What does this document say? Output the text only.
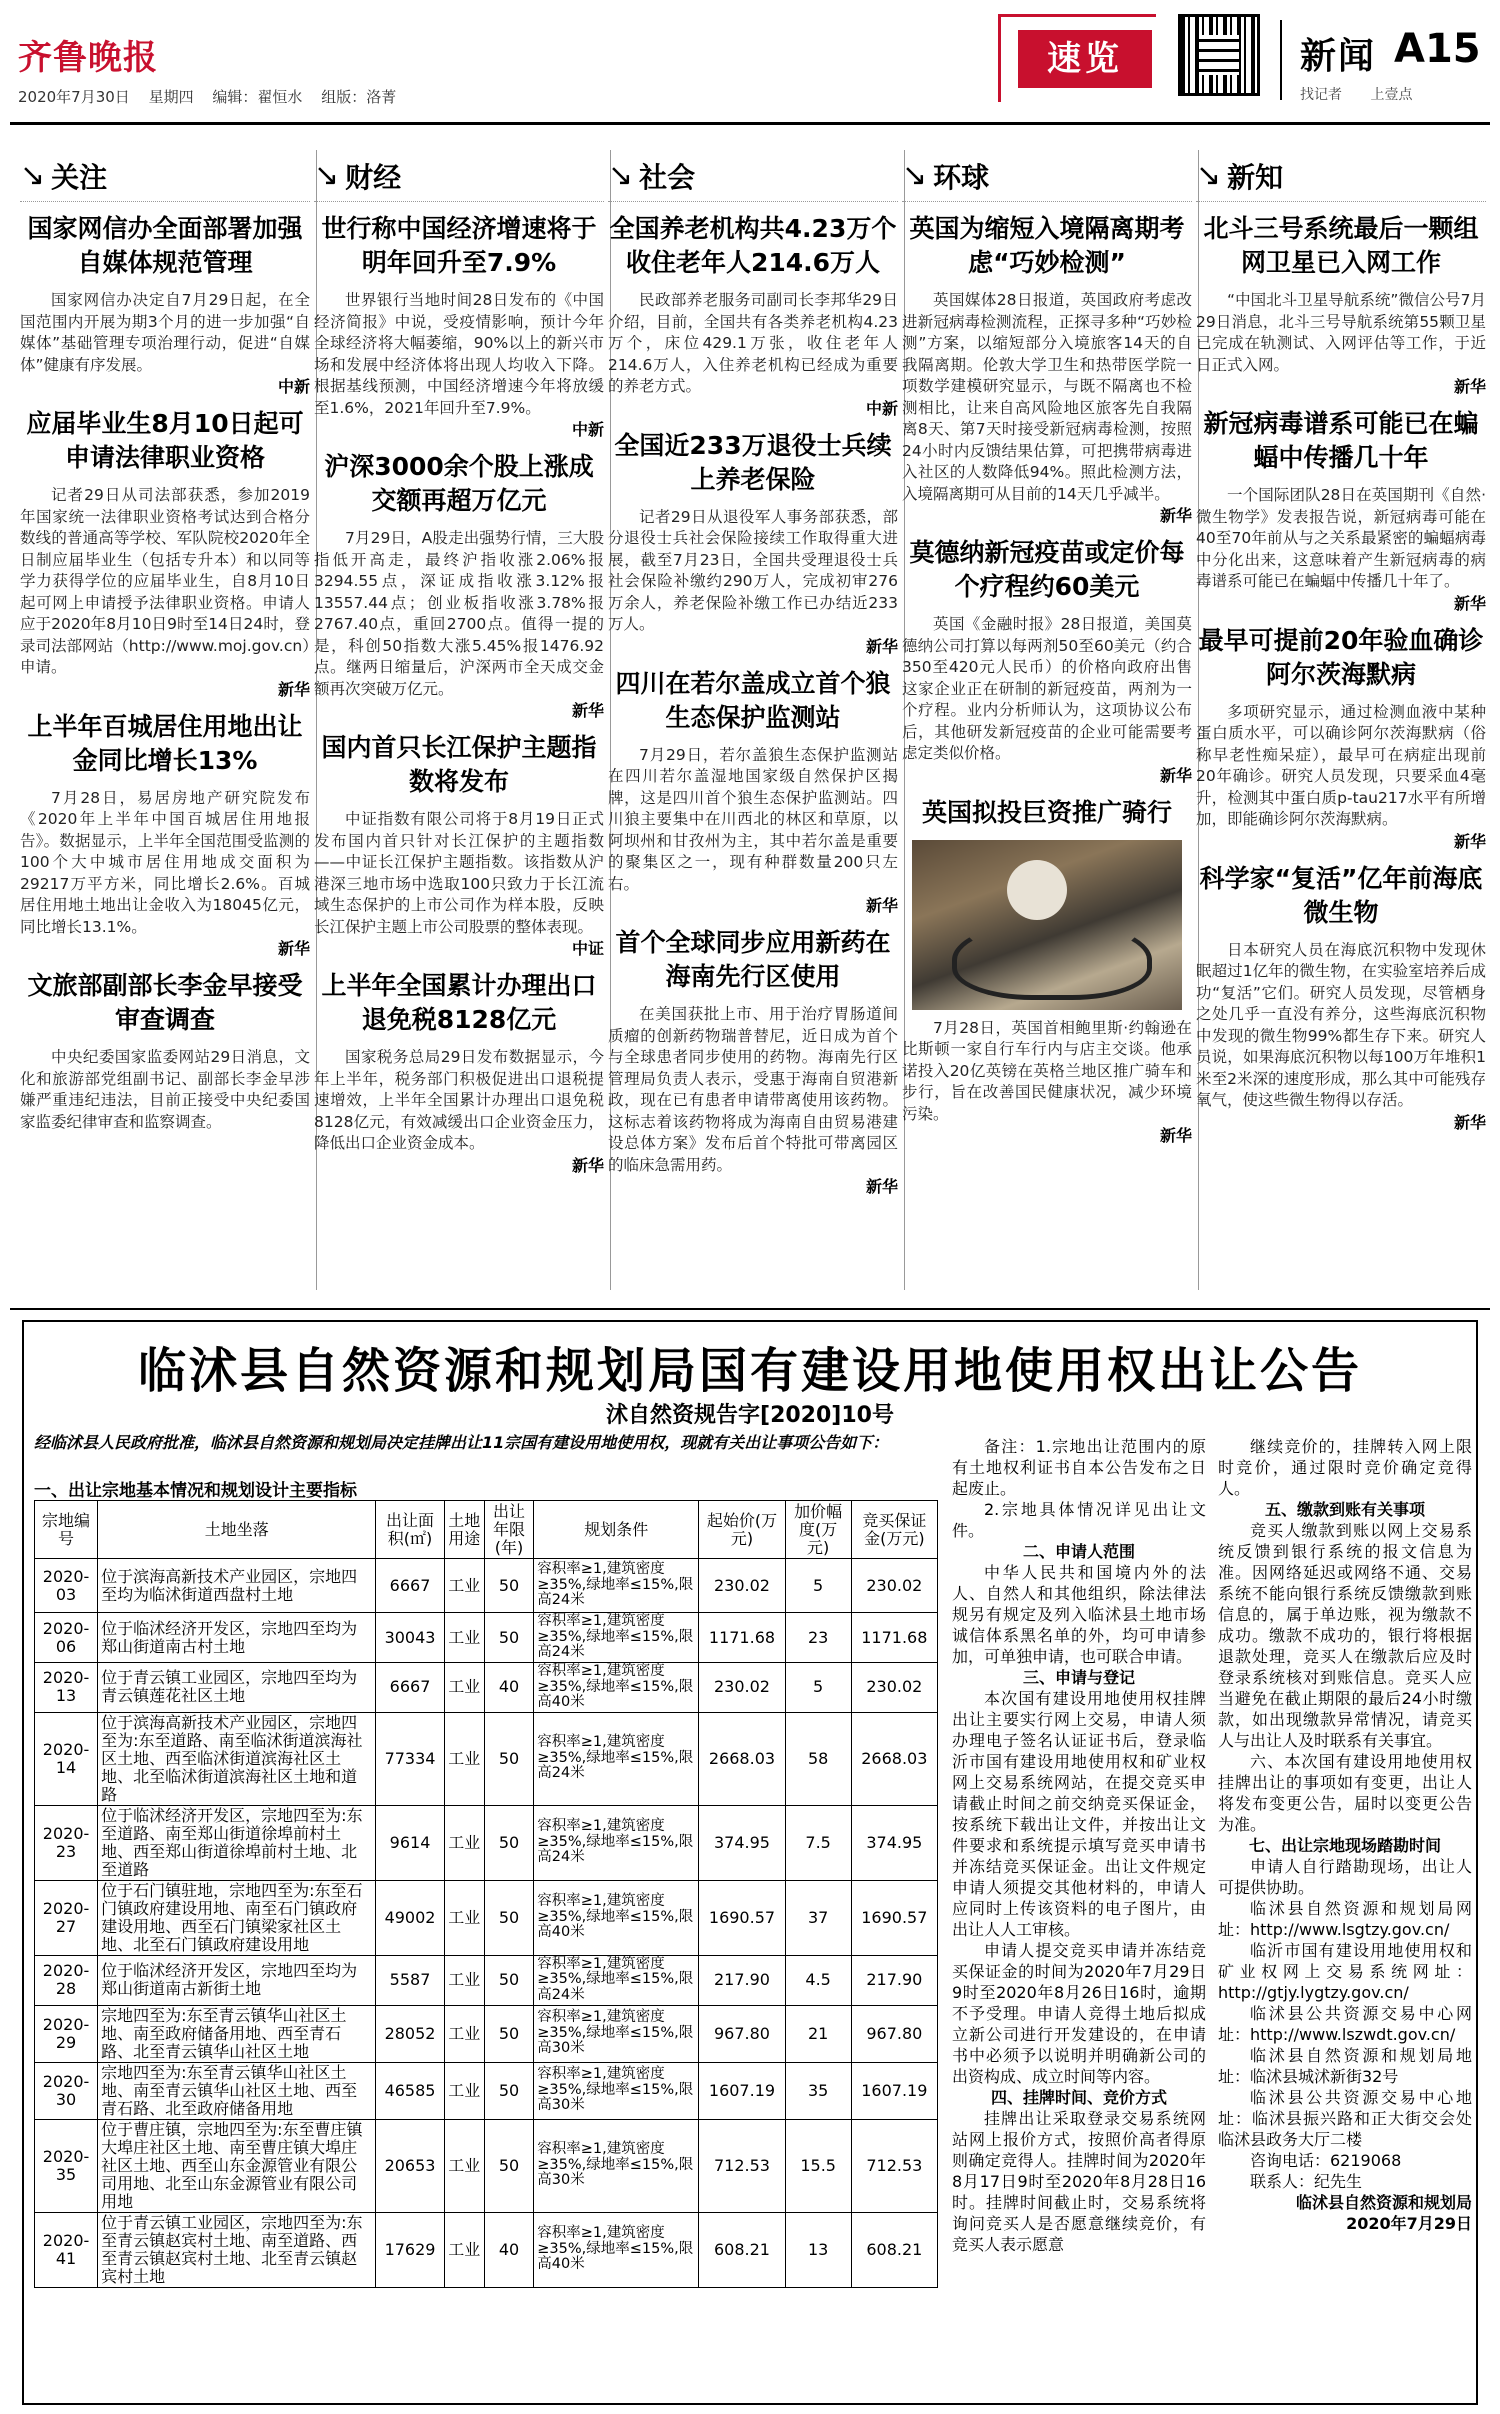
齐鲁晚报
2020年7月30日 星期四 编辑：翟恒水 组版：洛菁
速览	新闻 A15
找记者 上壹点
↘ 关注
国家网信办全面部署加强自媒体规范管理
国家网信办决定自7月29日起，在全国范围内开展为期3个月的进一步加强“自媒体”基础管理专项治理行动，促进“自媒体”健康有序发展。
中新
应届毕业生8月10日起可申请法律职业资格
记者29日从司法部获悉，参加2019年国家统一法律职业资格考试达到合格分数线的普通高等学校、军队院校2020年全日制应届毕业生（包括专升本）和以同等学力获得学位的应届毕业生，自8月10日起可网上申请授予法律职业资格。申请人应于2020年8月10日9时至14日24时，登录司法部网站（http://www.moj.gov.cn）申请。
新华
上半年百城居住用地出让金同比增长13%
7月28日，易居房地产研究院发布《2020年上半年中国百城居住用地报告》。数据显示，上半年全国范围受监测的100个大中城市居住用地成交面积为29217万平方米，同比增长2.6%。百城居住用地土地出让金收入为18045亿元，同比增长13.1%。
新华
文旅部副部长李金早接受审查调查
中央纪委国家监委网站29日消息，文化和旅游部党组副书记、副部长李金早涉嫌严重违纪违法，目前正接受中央纪委国家监委纪律审查和监察调查。
↘ 财经
世行称中国经济增速将于明年回升至7.9%
世界银行当地时间28日发布的《中国经济简报》中说，受疫情影响，预计今年全球经济将大幅萎缩，90%以上的新兴市场和发展中经济体将出现人均收入下降。根据基线预测，中国经济增速今年将放缓至1.6%，2021年回升至7.9%。
中新
沪深3000余个股上涨成交额再超万亿元
7月29日，A股走出强势行情，三大股指低开高走，最终沪指收涨2.06%报3294.55点，深证成指收涨3.12%报13557.44点；创业板指收涨3.78%报2767.40点，重回2700点。值得一提的是，科创50指数大涨5.45%报1476.92点。继两日缩量后，沪深两市全天成交金额再次突破万亿元。
新华
国内首只长江保护主题指数将发布
中证指数有限公司将于8月19日正式发布国内首只针对长江保护的主题指数——中证长江保护主题指数。该指数从沪港深三地市场中选取100只致力于长江流域生态保护的上市公司作为样本股，反映长江保护主题上市公司股票的整体表现。
中证
上半年全国累计办理出口退免税8128亿元
国家税务总局29日发布数据显示，今年上半年，税务部门积极促进出口退税提速增效，上半年全国累计办理出口退免税8128亿元，有效减缓出口企业资金压力，降低出口企业资金成本。
新华
↘ 社会
全国养老机构共4.23万个收住老年人214.6万人
民政部养老服务司副司长李邦华29日介绍，目前，全国共有各类养老机构4.23万个，床位429.1万张，收住老年人214.6万人，入住养老机构已经成为重要的养老方式。
中新
全国近233万退役士兵续上养老保险
记者29日从退役军人事务部获悉，部分退役士兵社会保险接续工作取得重大进展，截至7月23日，全国共受理退役士兵社会保险补缴约290万人，完成初审276万余人，养老保险补缴工作已办结近233万人。
新华
四川在若尔盖成立首个狼生态保护监测站
7月29日，若尔盖狼生态保护监测站在四川若尔盖湿地国家级自然保护区揭牌，这是四川首个狼生态保护监测站。四川狼主要集中在川西北的林区和草原，以阿坝州和甘孜州为主，其中若尔盖是重要的聚集区之一，现有种群数量200只左右。
新华
首个全球同步应用新药在海南先行区使用
在美国获批上市、用于治疗胃肠道间质瘤的创新药物瑞普替尼，近日成为首个与全球患者同步使用的药物。海南先行区管理局负责人表示，受惠于海南自贸港新政，现在已有患者申请带离使用该药物。这标志着该药物将成为海南自由贸易港建设总体方案》发布后首个特批可带离园区的临床急需用药。
新华
↘ 环球
英国为缩短入境隔离期考虑“巧妙检测”
英国媒体28日报道，英国政府考虑改进新冠病毒检测流程，正探寻多种“巧妙检测”方案，以缩短部分入境旅客14天的自我隔离期。伦敦大学卫生和热带医学院一项数学建模研究显示，与既不隔离也不检测相比，让来自高风险地区旅客先自我隔离8天、第7天时接受新冠病毒检测，按照24小时内反馈结果估算，可把携带病毒进入社区的人数降低94%。照此检测方法，入境隔离期可从目前的14天几乎减半。
新华
莫德纳新冠疫苗或定价每个疗程约60美元
英国《金融时报》28日报道，美国莫德纳公司打算以每两剂50至60美元（约合350至420元人民币）的价格向政府出售这家企业正在研制的新冠疫苗，两剂为一个疗程。业内分析师认为，这项协议公布后，其他研发新冠疫苗的企业可能需要考虑定类似价格。
新华
英国拟投巨资推广骑行
7月28日，英国首相鲍里斯·约翰逊在比斯顿一家自行车行内与店主交谈。他承诺投入20亿英镑在英格兰地区推广骑车和步行，旨在改善国民健康状况，减少环境污染。
新华
↘ 新知
北斗三号系统最后一颗组网卫星已入网工作
“中国北斗卫星导航系统”微信公号7月29日消息，北斗三号导航系统第55颗卫星已完成在轨测试、入网评估等工作，于近日正式入网。
新华
新冠病毒谱系可能已在蝙蝠中传播几十年
一个国际团队28日在英国期刊《自然·微生物学》发表报告说，新冠病毒可能在40至70年前从与之关系最紧密的蝙蝠病毒中分化出来，这意味着产生新冠病毒的病毒谱系可能已在蝙蝠中传播几十年了。
新华
最早可提前20年验血确诊阿尔茨海默病
多项研究显示，通过检测血液中某种蛋白质水平，可以确诊阿尔茨海默病（俗称早老性痴呆症），最早可在病症出现前20年确诊。研究人员发现，只要采血4毫升，检测其中蛋白质p-tau217水平有所增加，即能确诊阿尔茨海默病。
新华
科学家“复活”亿年前海底微生物
日本研究人员在海底沉积物中发现休眠超过1亿年的微生物，在实验室培养后成功“复活”它们。研究人员发现，尽管栖身之处几乎一直没有养分，这些海底沉积物中发现的微生物99%都生存下来。研究人员说，如果海底沉积物以每100万年堆积1米至2米深的速度形成，那么其中可能残存氧气，使这些微生物得以存活。
新华
临沭县自然资源和规划局国有建设用地使用权出让公告
沭自然资规告字[2020]10号
经临沭县人民政府批准，临沭县自然资源和规划局决定挂牌出让11宗国有建设用地使用权，现就有关出让事项公告如下：
一、出让宗地基本情况和规划设计主要指标
宗地编号	土地坐落	出让面积(㎡)	土地用途	出让年限(年)	规划条件	起始价(万元)	加价幅度(万元)	竞买保证金(万元)
2020-03	位于滨海高新技术产业园区，宗地四至均为临沭街道西盘村土地	6667	工业	50	容积率≥1,建筑密度≥35%,绿地率≤15%,限高24米	230.02	5	230.02
2020-06	位于临沭经济开发区，宗地四至均为郑山街道南古村土地	30043	工业	50	容积率≥1,建筑密度≥35%,绿地率≤15%,限高24米	1171.68	23	1171.68
2020-13	位于青云镇工业园区，宗地四至均为青云镇莲花社区土地	6667	工业	40	容积率≥1,建筑密度≥35%,绿地率≤15%,限高40米	230.02	5	230.02
2020-14	位于滨海高新技术产业园区，宗地四至为:东至道路、南至临沭街道滨海社区土地、西至临沭街道滨海社区土地、北至临沭街道滨海社区土地和道路	77334	工业	50	容积率≥1,建筑密度≥35%,绿地率≤15%,限高24米	2668.03	58	2668.03
2020-23	位于临沭经济开发区，宗地四至为:东至道路、南至郑山街道徐埠前村土地、西至郑山街道徐埠前村土地、北至道路	9614	工业	50	容积率≥1,建筑密度≥35%,绿地率≤15%,限高24米	374.95	7.5	374.95
2020-27	位于石门镇驻地，宗地四至为:东至石门镇政府建设用地、南至石门镇政府建设用地、西至石门镇梁家社区土地、北至石门镇政府建设用地	49002	工业	50	容积率≥1,建筑密度≥35%,绿地率≤15%,限高40米	1690.57	37	1690.57
2020-28	位于临沭经济开发区，宗地四至均为郑山街道南古新街土地	5587	工业	50	容积率≥1,建筑密度≥35%,绿地率≤15%,限高24米	217.90	4.5	217.90
2020-29	宗地四至为:东至青云镇华山社区土地、南至政府储备用地、西至青石路、北至青云镇华山社区土地	28052	工业	50	容积率≥1,建筑密度≥35%,绿地率≤15%,限高30米	967.80	21	967.80
2020-30	宗地四至为:东至青云镇华山社区土地、南至青云镇华山社区土地、西至青石路、北至政府储备用地	46585	工业	50	容积率≥1,建筑密度≥35%,绿地率≤15%,限高30米	1607.19	35	1607.19
2020-35	位于曹庄镇，宗地四至为:东至曹庄镇大埠庄社区土地、南至曹庄镇大埠庄社区土地、西至山东金源管业有限公司用地、北至山东金源管业有限公司用地	20653	工业	50	容积率≥1,建筑密度≥35%,绿地率≤15%,限高30米	712.53	15.5	712.53
2020-41	位于青云镇工业园区，宗地四至为:东至青云镇赵宾村土地、南至道路、西至青云镇赵宾村土地、北至青云镇赵宾村土地	17629	工业	40	容积率≥1,建筑密度≥35%,绿地率≤15%,限高40米	608.21	13	608.21

备注：1.宗地出让范围内的原有土地权利证书自本公告发布之日起废止。

2.宗地具体情况详见出让文件。

二、申请人范围

中华人民共和国境内外的法人、自然人和其他组织，除法律法规另有规定及列入临沭县土地市场诚信体系黑名单的外，均可申请参加，可单独申请，也可联合申请。

三、申请与登记

本次国有建设用地使用权挂牌出让主要实行网上交易，申请人须办理电子签名认证证书后，登录临沂市国有建设用地使用权和矿业权网上交易系统网站，在提交竞买申请截止时间之前交纳竞买保证金，按系统下载出让文件，并按出让文件要求和系统提示填写竞买申请书并冻结竞买保证金。出让文件规定申请人须提交其他材料的，申请人应同时上传该资料的电子图片，由出让人人工审核。

申请人提交竞买申请并冻结竞买保证金的时间为2020年7月29日9时至2020年8月26日16时，逾期不予受理。申请人竞得土地后拟成立新公司进行开发建设的，在申请书中必须予以说明并明确新公司的出资构成、成立时间等内容。

四、挂牌时间、竞价方式

挂牌出让采取登录交易系统网站网上报价方式，按照价高者得原则确定竞得人。挂牌时间为2020年8月17日9时至2020年8月28日16时。挂牌时间截止时，交易系统将询问竞买人是否愿意继续竞价，有竞买人表示愿意

继续竞价的，挂牌转入网上限时竞价，通过限时竞价确定竞得人。

五、缴款到账有关事项

竞买人缴款到账以网上交易系统反馈到银行系统的报文信息为准。因网络延迟或网络不通、交易系统不能向银行系统反馈缴款到账信息的，属于单边账，视为缴款不成功。缴款不成功的，银行将根据退款处理，竞买人在缴款后应及时登录系统核对到账信息。竞买人应当避免在截止期限的最后24小时缴款，如出现缴款异常情况，请竞买人与出让人及时联系有关事宜。

六、本次国有建设用地使用权挂牌出让的事项如有变更，出让人将发布变更公告，届时以变更公告为准。

七、出让宗地现场踏勘时间

申请人自行踏勘现场，出让人可提供协助。

临沭县自然资源和规划局网址：http://www.lsgtzy.gov.cn/

临沂市国有建设用地使用权和矿业权网上交易系统网址：http://gtjy.lygtzy.gov.cn/

临沭县公共资源交易中心网址：http://www.lszwdt.gov.cn/

临沭县自然资源和规划局地址：临沭县城沭新街32号

临沭县公共资源交易中心地址：临沭县振兴路和正大街交会处临沭县政务大厅二楼

咨询电话：6219068

联系人：纪先生

临沭县自然资源和规划局

2020年7月29日
